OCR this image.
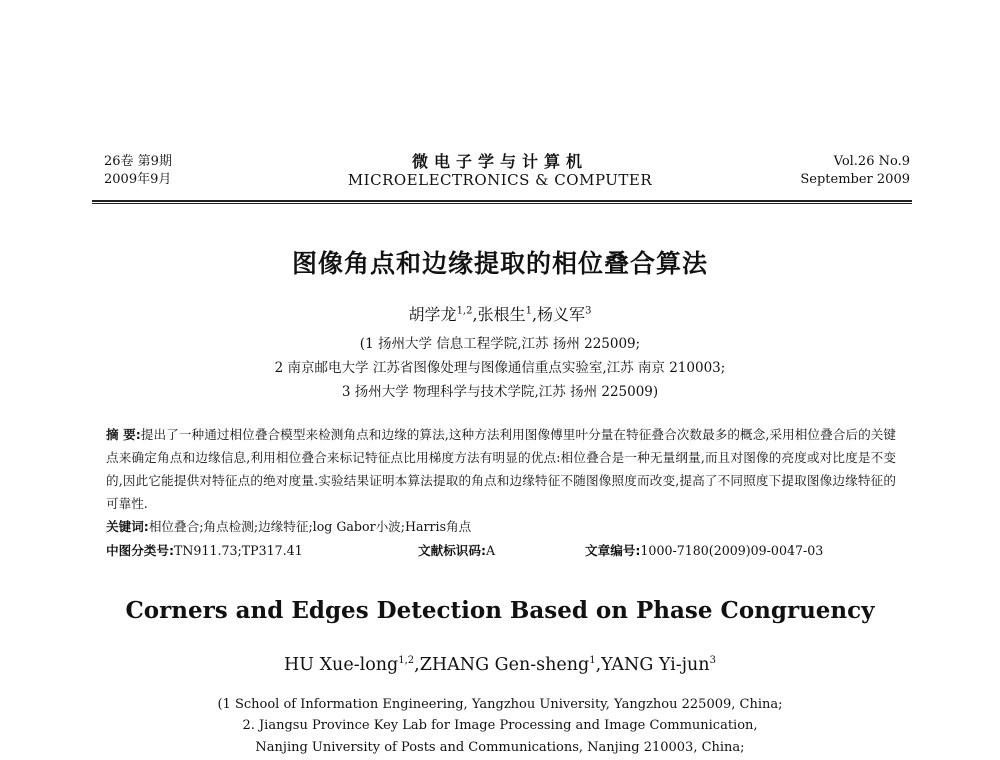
26卷 第9期
2009年9月
微电子学与计算机
MICROELECTRONICS & COMPUTER
Vol.26 No.9
September 2009
图像角点和边缘提取的相位叠合算法
胡学龙$^{1,2}$,张根生$^1$,杨义军$^3$
(1 扬州大学 信息工程学院,江苏 扬州 225009;
2 南京邮电大学 江苏省图像处理与图像通信重点实验室,江苏 南京 210003;
3 扬州大学 物理科学与技术学院,江苏 扬州 225009)
摘 要:提出了一种通过相位叠合模型来检测角点和边缘的算法,这种方法利用图像傅里叶分量在特征叠合次数最多的概念,采用相位叠合后的关键点来确定角点和边缘信息,利用相位叠合来标记特征点比用梯度方法有明显的优点:相位叠合是一种无量纲量,而且对图像的亮度或对比度是不变的,因此它能提供对特征点的绝对度量.实验结果证明本算法提取的角点和边缘特征不随图像照度而改变,提高了不同照度下提取图像边缘特征的可靠性.
关键词:相位叠合;角点检测;边缘特征;log Gabor小波;Harris角点
中图分类号:TN911.73;TP317.41	文献标识码:A	文章编号:1000-7180(2009)09-0047-03
Corners and Edges Detection Based on Phase Congruency
HU Xue-long$^{1,2}$,ZHANG Gen-sheng$^1$,YANG Yi-jun$^3$
(1 School of Information Engineering, Yangzhou University, Yangzhou 225009, China;
2. Jiangsu Province Key Lab for Image Processing and Image Communication,
Nanjing University of Posts and Communications, Nanjing 210003, China;
